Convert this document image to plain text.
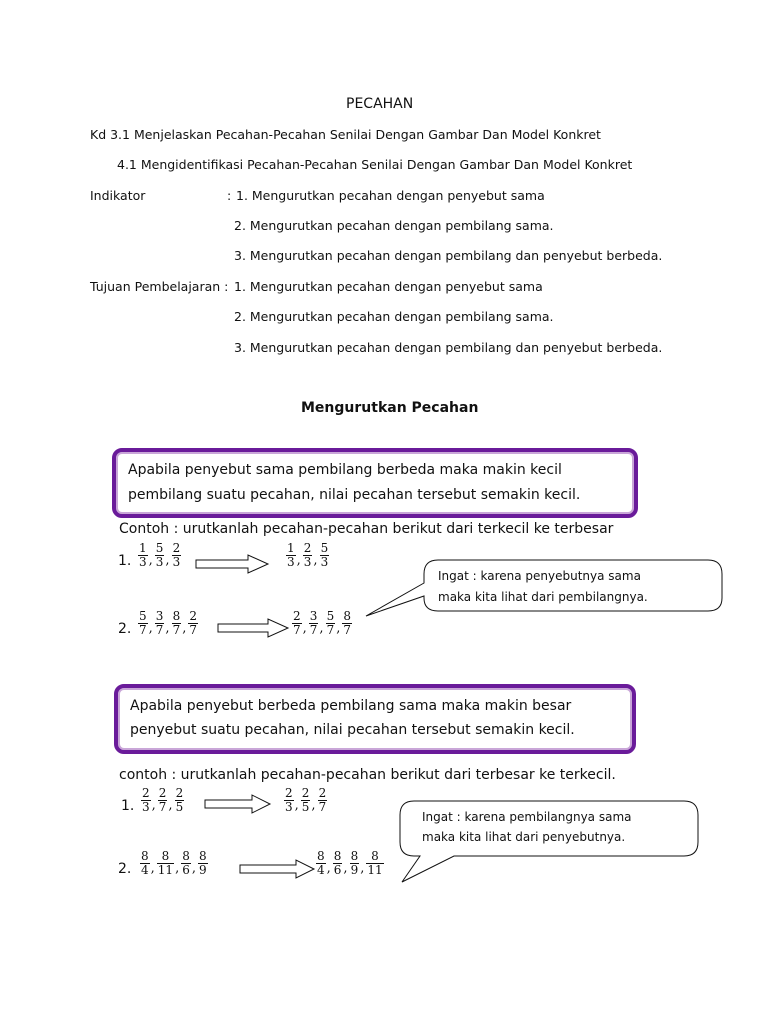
PECAHAN
Kd 3.1 Menjelaskan Pecahan-Pecahan Senilai Dengan Gambar Dan Model Konkret
4.1 Mengidentifikasi Pecahan-Pecahan Senilai Dengan Gambar Dan Model Konkret
Indikator	: 1. Mengurutkan pecahan dengan penyebut sama
2. Mengurutkan pecahan dengan pembilang sama.
3. Mengurutkan pecahan dengan pembilang dan penyebut berbeda.
Tujuan Pembelajaran : 1. Mengurutkan pecahan dengan penyebut sama
2. Mengurutkan pecahan dengan pembilang sama.
3. Mengurutkan pecahan dengan pembilang dan penyebut berbeda.
Mengurutkan Pecahan
Apabila penyebut sama pembilang berbeda maka makin kecil
pembilang suatu pecahan, nilai pecahan tersebut semakin kecil.
Contoh : urutkanlah pecahan-pecahan berikut dari terkecil ke terbesar
1. $\frac{1}{3}$ , $\frac{5}{3}$ , $\frac{2}{3}$	$\frac{1}{3}$ , $\frac{2}{3}$ , $\frac{5}{3}$
2. $\frac{5}{7}$ , $\frac{3}{7}$ , $\frac{8}{7}$ , $\frac{2}{7}$	$\frac{2}{7}$ , $\frac{3}{7}$ , $\frac{5}{7}$ , $\frac{8}{7}$
1. $\frac{2}{3}$ , $\frac{2}{7}$ , $\frac{2}{5}$	$\frac{2}{3}$ , $\frac{2}{5}$ , $\frac{2}{7}$
2. $\frac{8}{4}$ , $\frac{8}{11}$ , $\frac{8}{6}$ , $\frac{8}{9}$	$\frac{8}{4}$ , $\frac{8}{6}$ , $\frac{8}{9}$ , $\frac{8}{11}$
Ingat : karena penyebutnya sama
maka kita lihat dari pembilangnya.
Apabila penyebut berbeda pembilang sama maka makin besar
penyebut suatu pecahan, nilai pecahan tersebut semakin kecil.
contoh : urutkanlah pecahan-pecahan berikut dari terbesar ke terkecil.
Ingat : karena pembilangnya sama
maka kita lihat dari penyebutnya.
